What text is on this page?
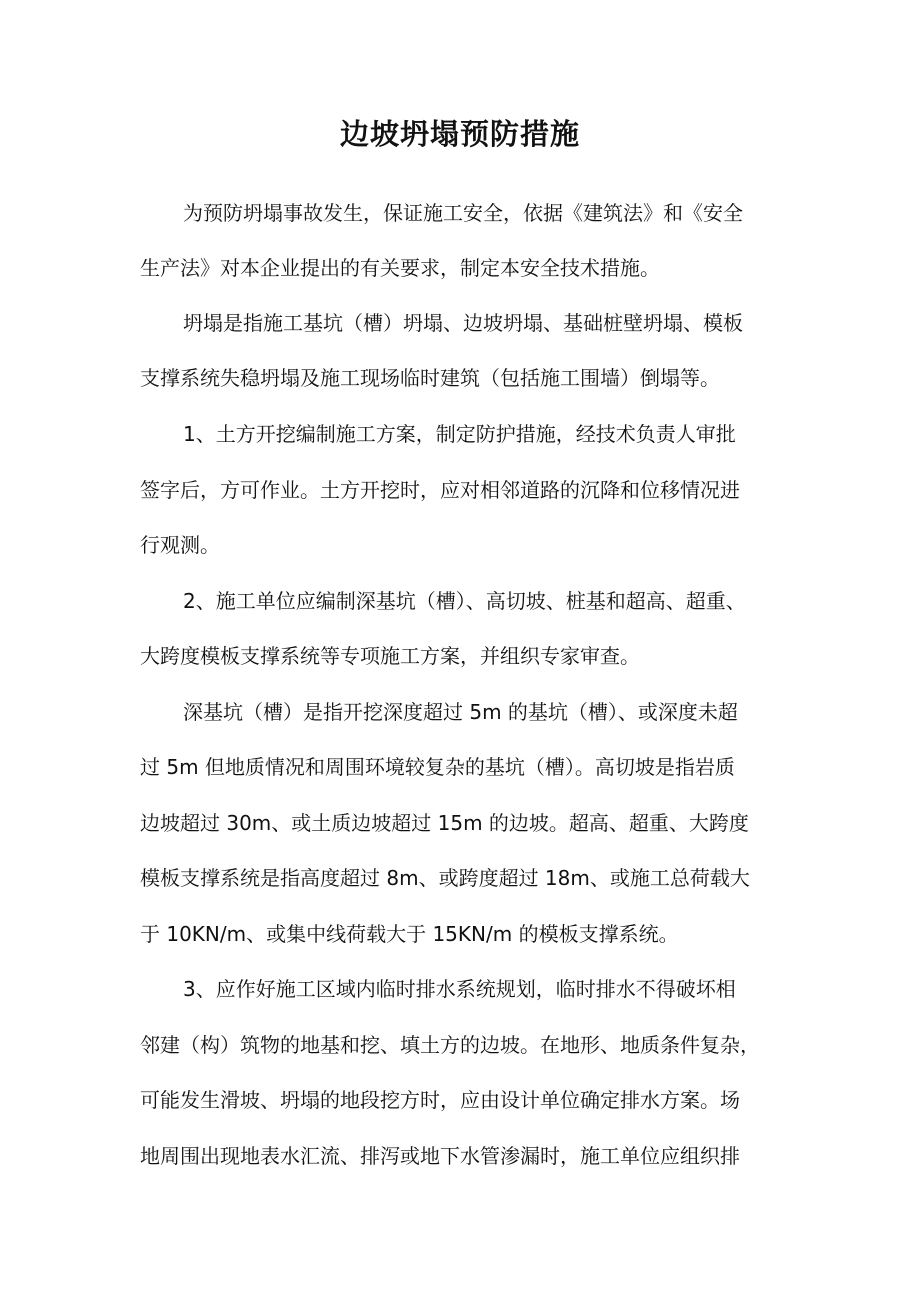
边坡坍塌预防措施

为预防坍塌事故发生，保证施工安全，依据《建筑法》和《安全

生产法》对本企业提出的有关要求，制定本安全技术措施。

坍塌是指施工基坑（槽）坍塌、边坡坍塌、基础桩壁坍塌、模板

支撑系统失稳坍塌及施工现场临时建筑（包括施工围墙）倒塌等。

1、土方开挖编制施工方案，制定防护措施，经技术负责人审批

签字后，方可作业。土方开挖时，应对相邻道路的沉降和位移情况进

行观测。

2、施工单位应编制深基坑（槽）、高切坡、桩基和超高、超重、

大跨度模板支撑系统等专项施工方案，并组织专家审查。

深基坑（槽）是指开挖深度超过 5m 的基坑（槽）、或深度未超

过 5m 但地质情况和周围环境较复杂的基坑（槽）。高切坡是指岩质

边坡超过 30m、或土质边坡超过 15m 的边坡。超高、超重、大跨度

模板支撑系统是指高度超过 8m、或跨度超过 18m、或施工总荷载大

于 10KN/m、或集中线荷载大于 15KN/m 的模板支撑系统。

3、应作好施工区域内临时排水系统规划，临时排水不得破坏相

邻建（构）筑物的地基和挖、填土方的边坡。在地形、地质条件复杂，

可能发生滑坡、坍塌的地段挖方时，应由设计单位确定排水方案。场

地周围出现地表水汇流、排泻或地下水管渗漏时，施工单位应组织排
